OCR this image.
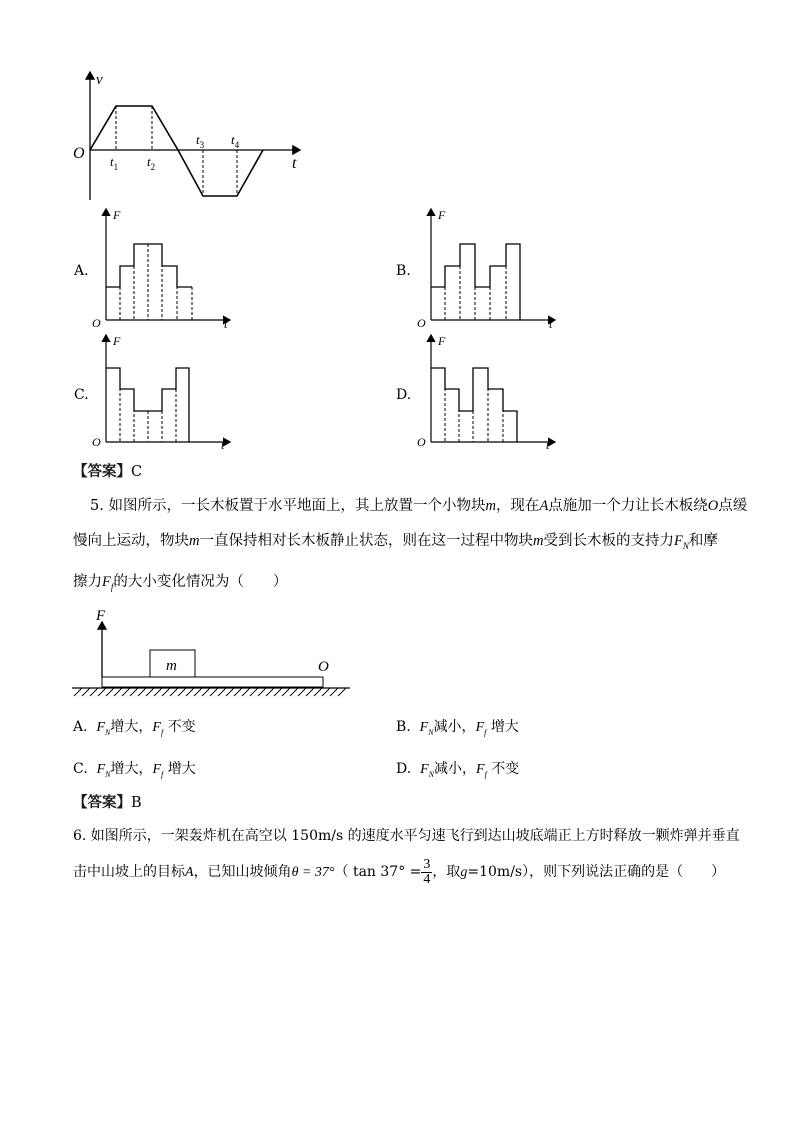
v
t
O $t_1$ $t_2$
$t_3$ $t_4$
A.
F
O	t
B.
F
O	t
C.
F
O	t
D.
F
O	t
【答案】C
5. 如图所示，一长木板置于水平地面上，其上放置一个小物块m，现在A点施加一个力让长木板绕O点缓
慢向上运动，物块m一直保持相对长木板静止状态，则在这一过程中物块m受到长木板的支持力$F_N$和摩
擦力$F_f$的大小变化情况为（　　）
F
m	O
A. $F_N$增大，$F_f$ 不变	B. $F_N$减小，$F_f$ 增大
C. $F_N$增大，$F_f$ 增大	D. $F_N$减小，$F_f$ 不变
【答案】B
6. 如图所示，一架轰炸机在高空以 150m/s 的速度水平匀速飞行到达山坡底端正上方时释放一颗炸弹并垂直
击中山坡上的目标A，已知山坡倾角θ = 37°（ $\tan 37^\circ = \frac{3}{4}$ ，取g=10m/s），则下列说法正确的是（　　）
